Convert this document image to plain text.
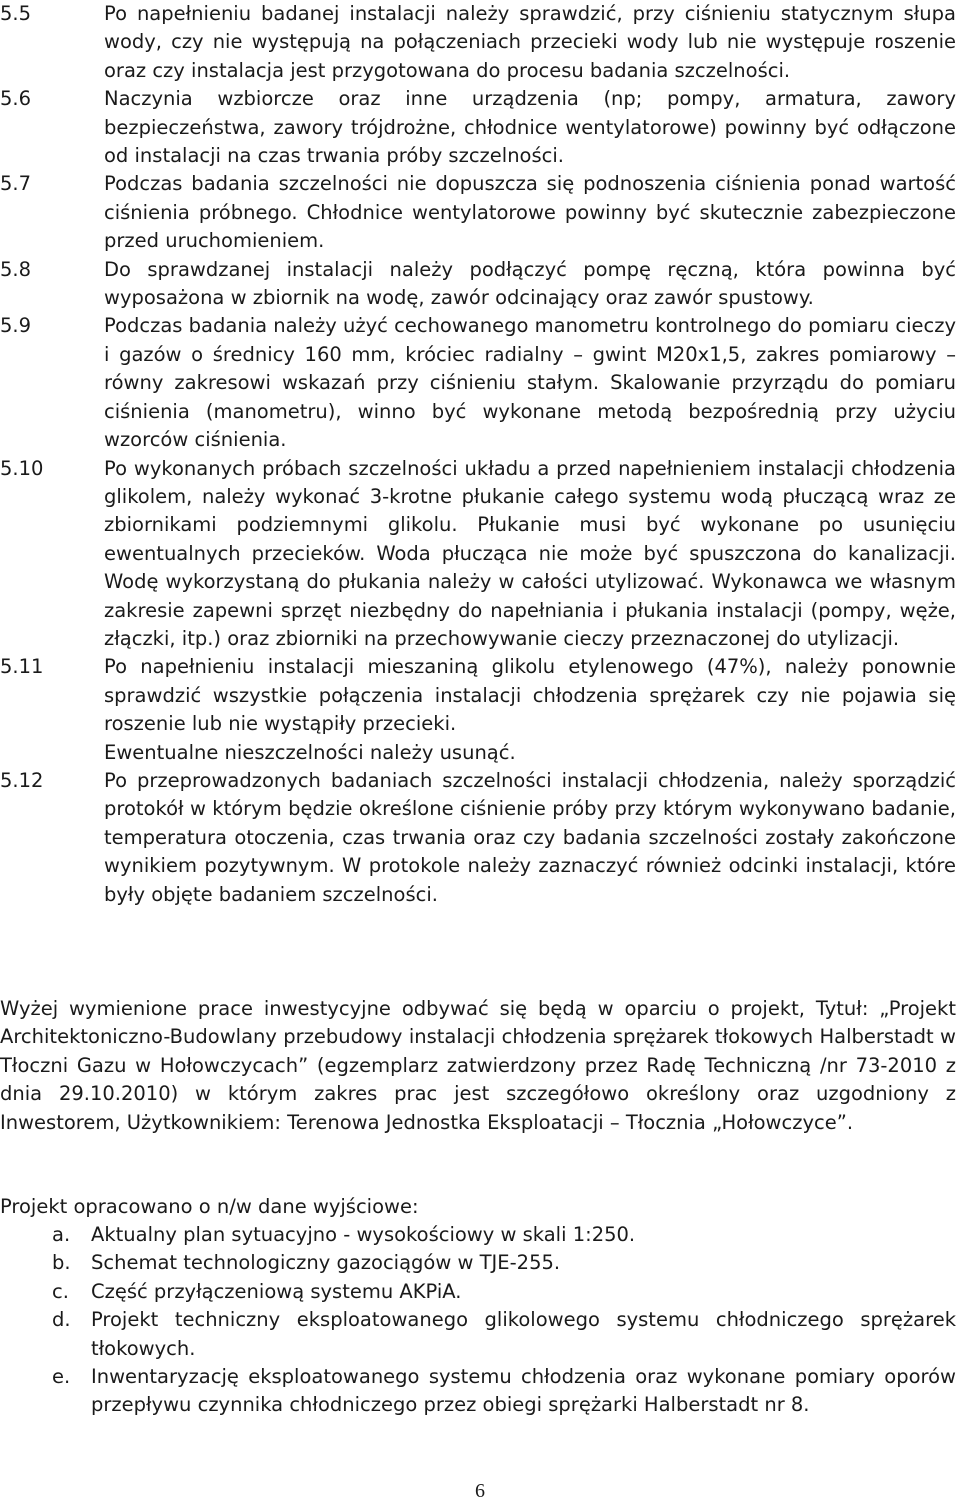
5.5	Po napełnieniu badanej instalacji należy sprawdzić, przy ciśnieniu statycznym słupa wody, czy nie występują na połączeniach przecieki wody lub nie występuje roszenie oraz czy instalacja jest przygotowana do procesu badania szczelności.
5.6	Naczynia wzbiorcze oraz inne urządzenia (np; pompy, armatura, zawory bezpieczeństwa, zawory trójdrożne, chłodnice wentylatorowe) powinny być odłączone od instalacji na czas trwania próby szczelności.
5.7	Podczas badania szczelności nie dopuszcza się podnoszenia ciśnienia ponad wartość ciśnienia próbnego. Chłodnice wentylatorowe powinny być skutecznie zabezpieczone przed uruchomieniem.
5.8	Do sprawdzanej instalacji należy podłączyć pompę ręczną, która powinna być wyposażona w zbiornik na wodę, zawór odcinający oraz zawór spustowy.
5.9	Podczas badania należy użyć cechowanego manometru kontrolnego do pomiaru cieczy i gazów o średnicy 160 mm, króciec radialny – gwint M20x1,5, zakres pomiarowy – równy zakresowi wskazań przy ciśnieniu stałym. Skalowanie przyrządu do pomiaru ciśnienia (manometru), winno być wykonane metodą bezpośrednią przy użyciu wzorców ciśnienia.
5.10	Po wykonanych próbach szczelności układu a przed napełnieniem instalacji chłodzenia glikolem, należy wykonać 3-krotne płukanie całego systemu wodą płuczącą wraz ze zbiornikami podziemnymi glikolu. Płukanie musi być wykonane po usunięciu ewentualnych przecieków. Woda płucząca nie może być spuszczona do kanalizacji. Wodę wykorzystaną do płukania należy w całości utylizować. Wykonawca we własnym zakresie zapewni sprzęt niezbędny do napełniania i płukania instalacji (pompy, węże, złączki, itp.) oraz zbiorniki na przechowywanie cieczy przeznaczonej do utylizacji.
5.11	Po napełnieniu instalacji mieszaniną glikolu etylenowego (47%), należy ponownie sprawdzić wszystkie połączenia instalacji chłodzenia sprężarek czy nie pojawia się roszenie lub nie wystąpiły przecieki.
Ewentualne nieszczelności należy usunąć.
5.12	Po przeprowadzonych badaniach szczelności instalacji chłodzenia, należy sporządzić protokół w którym będzie określone ciśnienie próby przy którym wykonywano badanie, temperatura otoczenia, czas trwania oraz czy badania szczelności zostały zakończone wynikiem pozytywnym. W protokole należy zaznaczyć również odcinki instalacji, które były objęte badaniem szczelności.
Wyżej wymienione prace inwestycyjne odbywać się będą w oparciu o projekt, Tytuł: „Projekt Architektoniczno-Budowlany przebudowy instalacji chłodzenia sprężarek tłokowych Halberstadt w Tłoczni Gazu w Hołowczycach” (egzemplarz zatwierdzony przez Radę Techniczną /nr 73-2010 z dnia 29.10.2010) w którym zakres prac jest szczegółowo określony oraz uzgodniony z Inwestorem, Użytkownikiem: Terenowa Jednostka Eksploatacji – Tłocznia „Hołowczyce”.
Projekt opracowano o n/w dane wyjściowe:
a. Aktualny plan sytuacyjno - wysokościowy w skali 1:250.
b. Schemat technologiczny gazociągów w TJE-255.
c. Część przyłączeniową systemu AKPiA.
d. Projekt techniczny eksploatowanego glikolowego systemu chłodniczego sprężarek tłokowych.
e. Inwentaryzację eksploatowanego systemu chłodzenia oraz wykonane pomiary oporów przepływu czynnika chłodniczego przez obiegi sprężarki Halberstadt nr 8.
6
